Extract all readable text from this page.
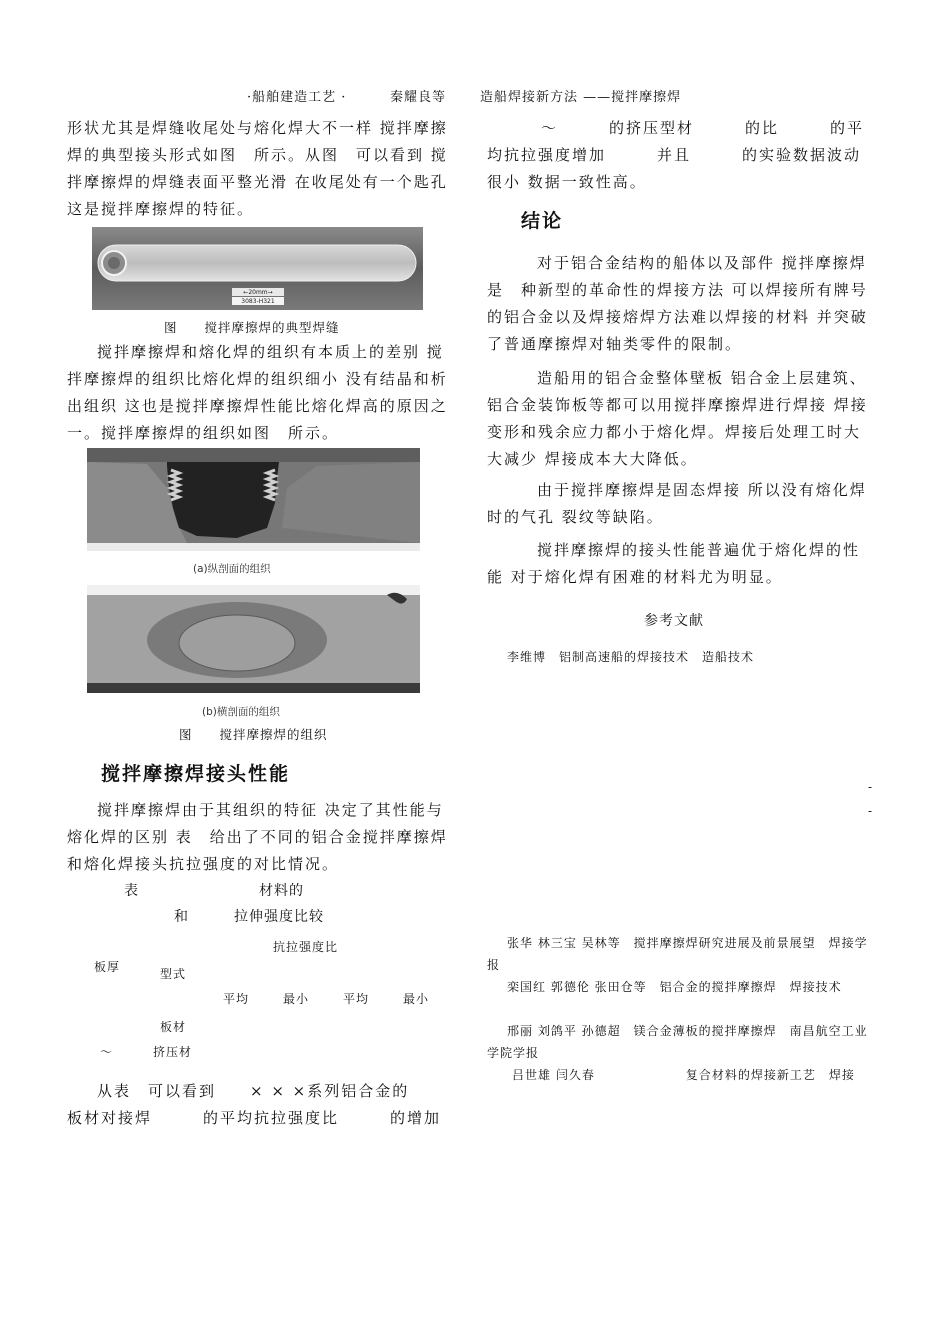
·船舶建造工艺 ·	秦耀良等	造船焊接新方法 ——搅拌摩擦焊

形状尤其是焊缝收尾处与熔化焊大不一样 搅拌摩擦焊的典型接头形式如图　所示。从图　可以看到 搅拌摩擦焊的焊缝表面平整光滑 在收尾处有一个匙孔 这是搅拌摩擦焊的特征。

←20mm→
3083-H321
图　　搅拌摩擦焊的典型焊缝

搅拌摩擦焊和熔化焊的组织有本质上的差别 搅拌摩擦焊的组织比熔化焊的组织细小 没有结晶和析出组织 这也是搅拌摩擦焊性能比熔化焊高的原因之一。搅拌摩擦焊的组织如图　所示。

(a)纵剖面的组织
(b)横剖面的组织
图　　搅拌摩擦焊的组织
搅拌摩擦焊接头性能

搅拌摩擦焊由于其组织的特征 决定了其性能与熔化焊的区别 表　给出了不同的铝合金搅拌摩擦焊和熔化焊接头抗拉强度的对比情况。

表　　　　　　　　材料的
和　　　拉伸强度比较
抗拉强度比
板厚	型式
平均	最小	平均	最小
板材
～	挤压材

从表　可以看到　　× × ×系列铝合金的

板材对接焊　　　的平均抗拉强度比　　　的增加

～　　　的挤压型材　　　的比　　　的平均抗拉强度增加　　　并且　　　的实验数据波动很小 数据一致性高。

结论

对于铝合金结构的船体以及部件 搅拌摩擦焊是　种新型的革命性的焊接方法 可以焊接所有牌号的铝合金以及焊接熔焊方法难以焊接的材料 并突破了普通摩擦焊对轴类零件的限制。

造船用的铝合金整体壁板 铝合金上层建筑、铝合金装饰板等都可以用搅拌摩擦焊进行焊接 焊接变形和残余应力都小于熔化焊。焊接后处理工时大大减少 焊接成本大大降低。

由于搅拌摩擦焊是固态焊接 所以没有熔化焊时的气孔 裂纹等缺陷。

搅拌摩擦焊的接头性能普遍优于熔化焊的性能 对于熔化焊有困难的材料尤为明显。

参考文献
李维博　铝制高速船的焊接技术　造船技术
-
-
张华 林三宝 吴林等　搅拌摩擦焊研究进展及前景展望　焊接学报
栾国红 郭德伦 张田仓等　铝合金的搅拌摩擦焊　焊接技术
邢丽 刘鸽平 孙德超　镁合金薄板的搅拌摩擦焊　南昌航空工业学院学报
吕世雄 闫久春　　　　　　　复合材料的焊接新工艺　焊接
